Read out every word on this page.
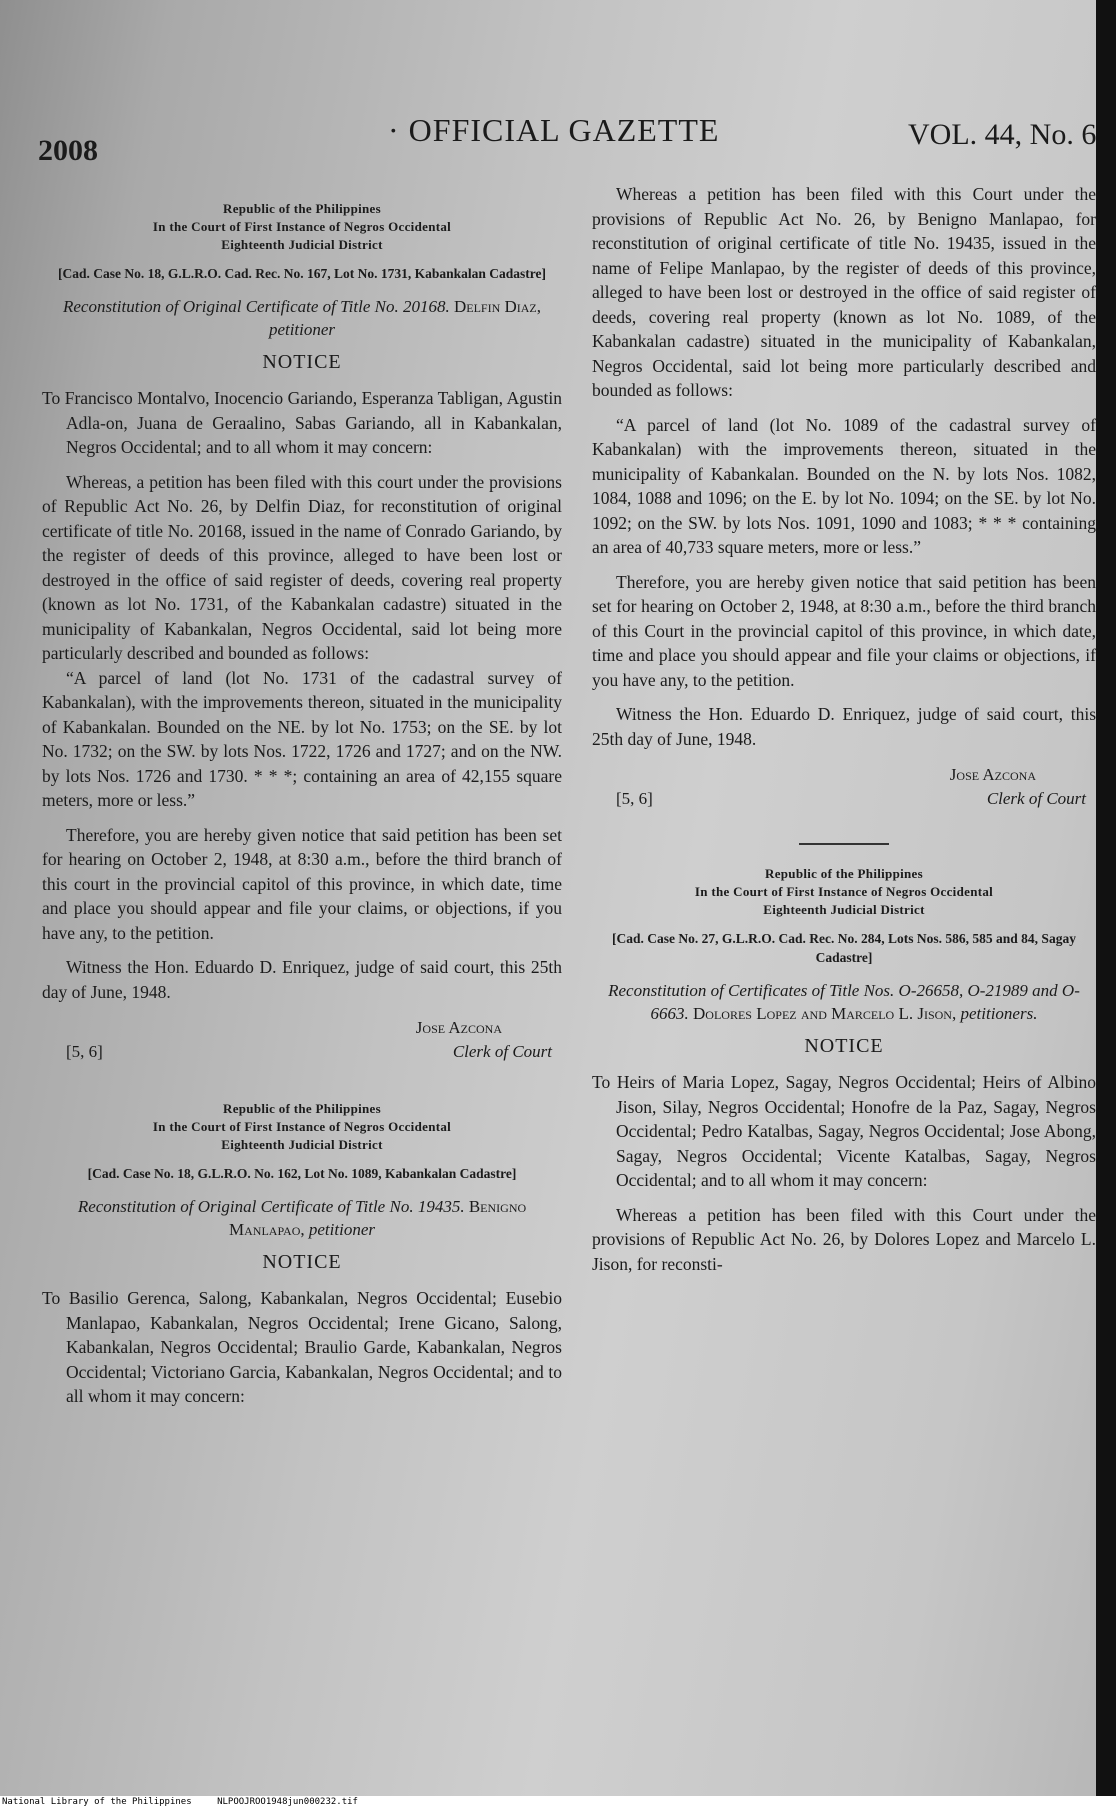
2008
· OFFICIAL GAZETTE	VOL. 44, No. 6
Republic of the Philippines
In the Court of First Instance of Negros Occidental
Eighteenth Judicial District
[Cad. Case No. 18, G.L.R.O. Cad. Rec. No. 167, Lot No. 1731, Kabankalan Cadastre]
Reconstitution of Original Certificate of Title No. 20168. Delfin Diaz, petitioner
NOTICE

To Francisco Montalvo, Inocencio Gariando, Esperanza Tabligan, Agustin Adla-on, Juana de Geraalino, Sabas Gariando, all in Kabankalan, Negros Occidental; and to all whom it may concern:

Whereas, a petition has been filed with this court under the provisions of Republic Act No. 26, by Delfin Diaz, for reconstitution of original certificate of title No. 20168, issued in the name of Conrado Gariando, by the register of deeds of this province, alleged to have been lost or destroyed in the office of said register of deeds, covering real property (known as lot No. 1731, of the Kabankalan cadastre) situated in the municipality of Kabankalan, Negros Occidental, said lot being more particularly described and bounded as follows:

“A parcel of land (lot No. 1731 of the cadastral survey of Kabankalan), with the improvements thereon, situated in the municipality of Kabankalan. Bounded on the NE. by lot No. 1753; on the SE. by lot No. 1732; on the SW. by lots Nos. 1722, 1726 and 1727; and on the NW. by lots Nos. 1726 and 1730. * * *; containing an area of 42,155 square meters, more or less.”

Therefore, you are hereby given notice that said petition has been set for hearing on October 2, 1948, at 8:30 a.m., before the third branch of this court in the provincial capitol of this province, in which date, time and place you should appear and file your claims, or objections, if you have any, to the petition.

Witness the Hon. Eduardo D. Enriquez, judge of said court, this 25th day of June, 1948.

Jose Azcona
Clerk of Court
[5, 6]
Republic of the Philippines
In the Court of First Instance of Negros Occidental
Eighteenth Judicial District
[Cad. Case No. 18, G.L.R.O. No. 162, Lot No. 1089, Kabankalan Cadastre]
Reconstitution of Original Certificate of Title No. 19435. Benigno Manlapao, petitioner
NOTICE

To Basilio Gerenca, Salong, Kabankalan, Negros Occidental; Eusebio Manlapao, Kabankalan, Negros Occidental; Irene Gicano, Salong, Kabankalan, Negros Occidental; Braulio Garde, Kabankalan, Negros Occidental; Victoriano Garcia, Kabankalan, Negros Occidental; and to all whom it may concern:

Whereas a petition has been filed with this Court under the provisions of Republic Act No. 26, by Benigno Manlapao, for reconstitution of original certificate of title No. 19435, issued in the name of Felipe Manlapao, by the register of deeds of this province, alleged to have been lost or destroyed in the office of said register of deeds, covering real property (known as lot No. 1089, of the Kabankalan cadastre) situated in the municipality of Kabankalan, Negros Occidental, said lot being more particularly described and bounded as follows:

“A parcel of land (lot No. 1089 of the cadastral survey of Kabankalan) with the improvements thereon, situated in the municipality of Kabankalan. Bounded on the N. by lots Nos. 1082, 1084, 1088 and 1096; on the E. by lot No. 1094; on the SE. by lot No. 1092; on the SW. by lots Nos. 1091, 1090 and 1083; * * * containing an area of 40,733 square meters, more or less.”

Therefore, you are hereby given notice that said petition has been set for hearing on October 2, 1948, at 8:30 a.m., before the third branch of this Court in the provincial capitol of this province, in which date, time and place you should appear and file your claims or objections, if you have any, to the petition.

Witness the Hon. Eduardo D. Enriquez, judge of said court, this 25th day of June, 1948.

Jose Azcona
Clerk of Court
[5, 6]
Republic of the Philippines
In the Court of First Instance of Negros Occidental
Eighteenth Judicial District
[Cad. Case No. 27, G.L.R.O. Cad. Rec. No. 284, Lots Nos. 586, 585 and 84, Sagay Cadastre]
Reconstitution of Certificates of Title Nos. O-26658, O-21989 and O-6663. Dolores Lopez and Marcelo L. Jison, petitioners.
NOTICE

To Heirs of Maria Lopez, Sagay, Negros Occidental; Heirs of Albino Jison, Silay, Negros Occidental; Honofre de la Paz, Sagay, Negros Occidental; Pedro Katalbas, Sagay, Negros Occidental; Jose Abong, Sagay, Negros Occidental; Vicente Katalbas, Sagay, Negros Occidental; and to all whom it may concern:

Whereas a petition has been filed with this Court under the provisions of Republic Act No. 26, by Dolores Lopez and Marcelo L. Jison, for reconsti-

National Library of the Philippines	NLPOOJROO1948jun000232.tif
